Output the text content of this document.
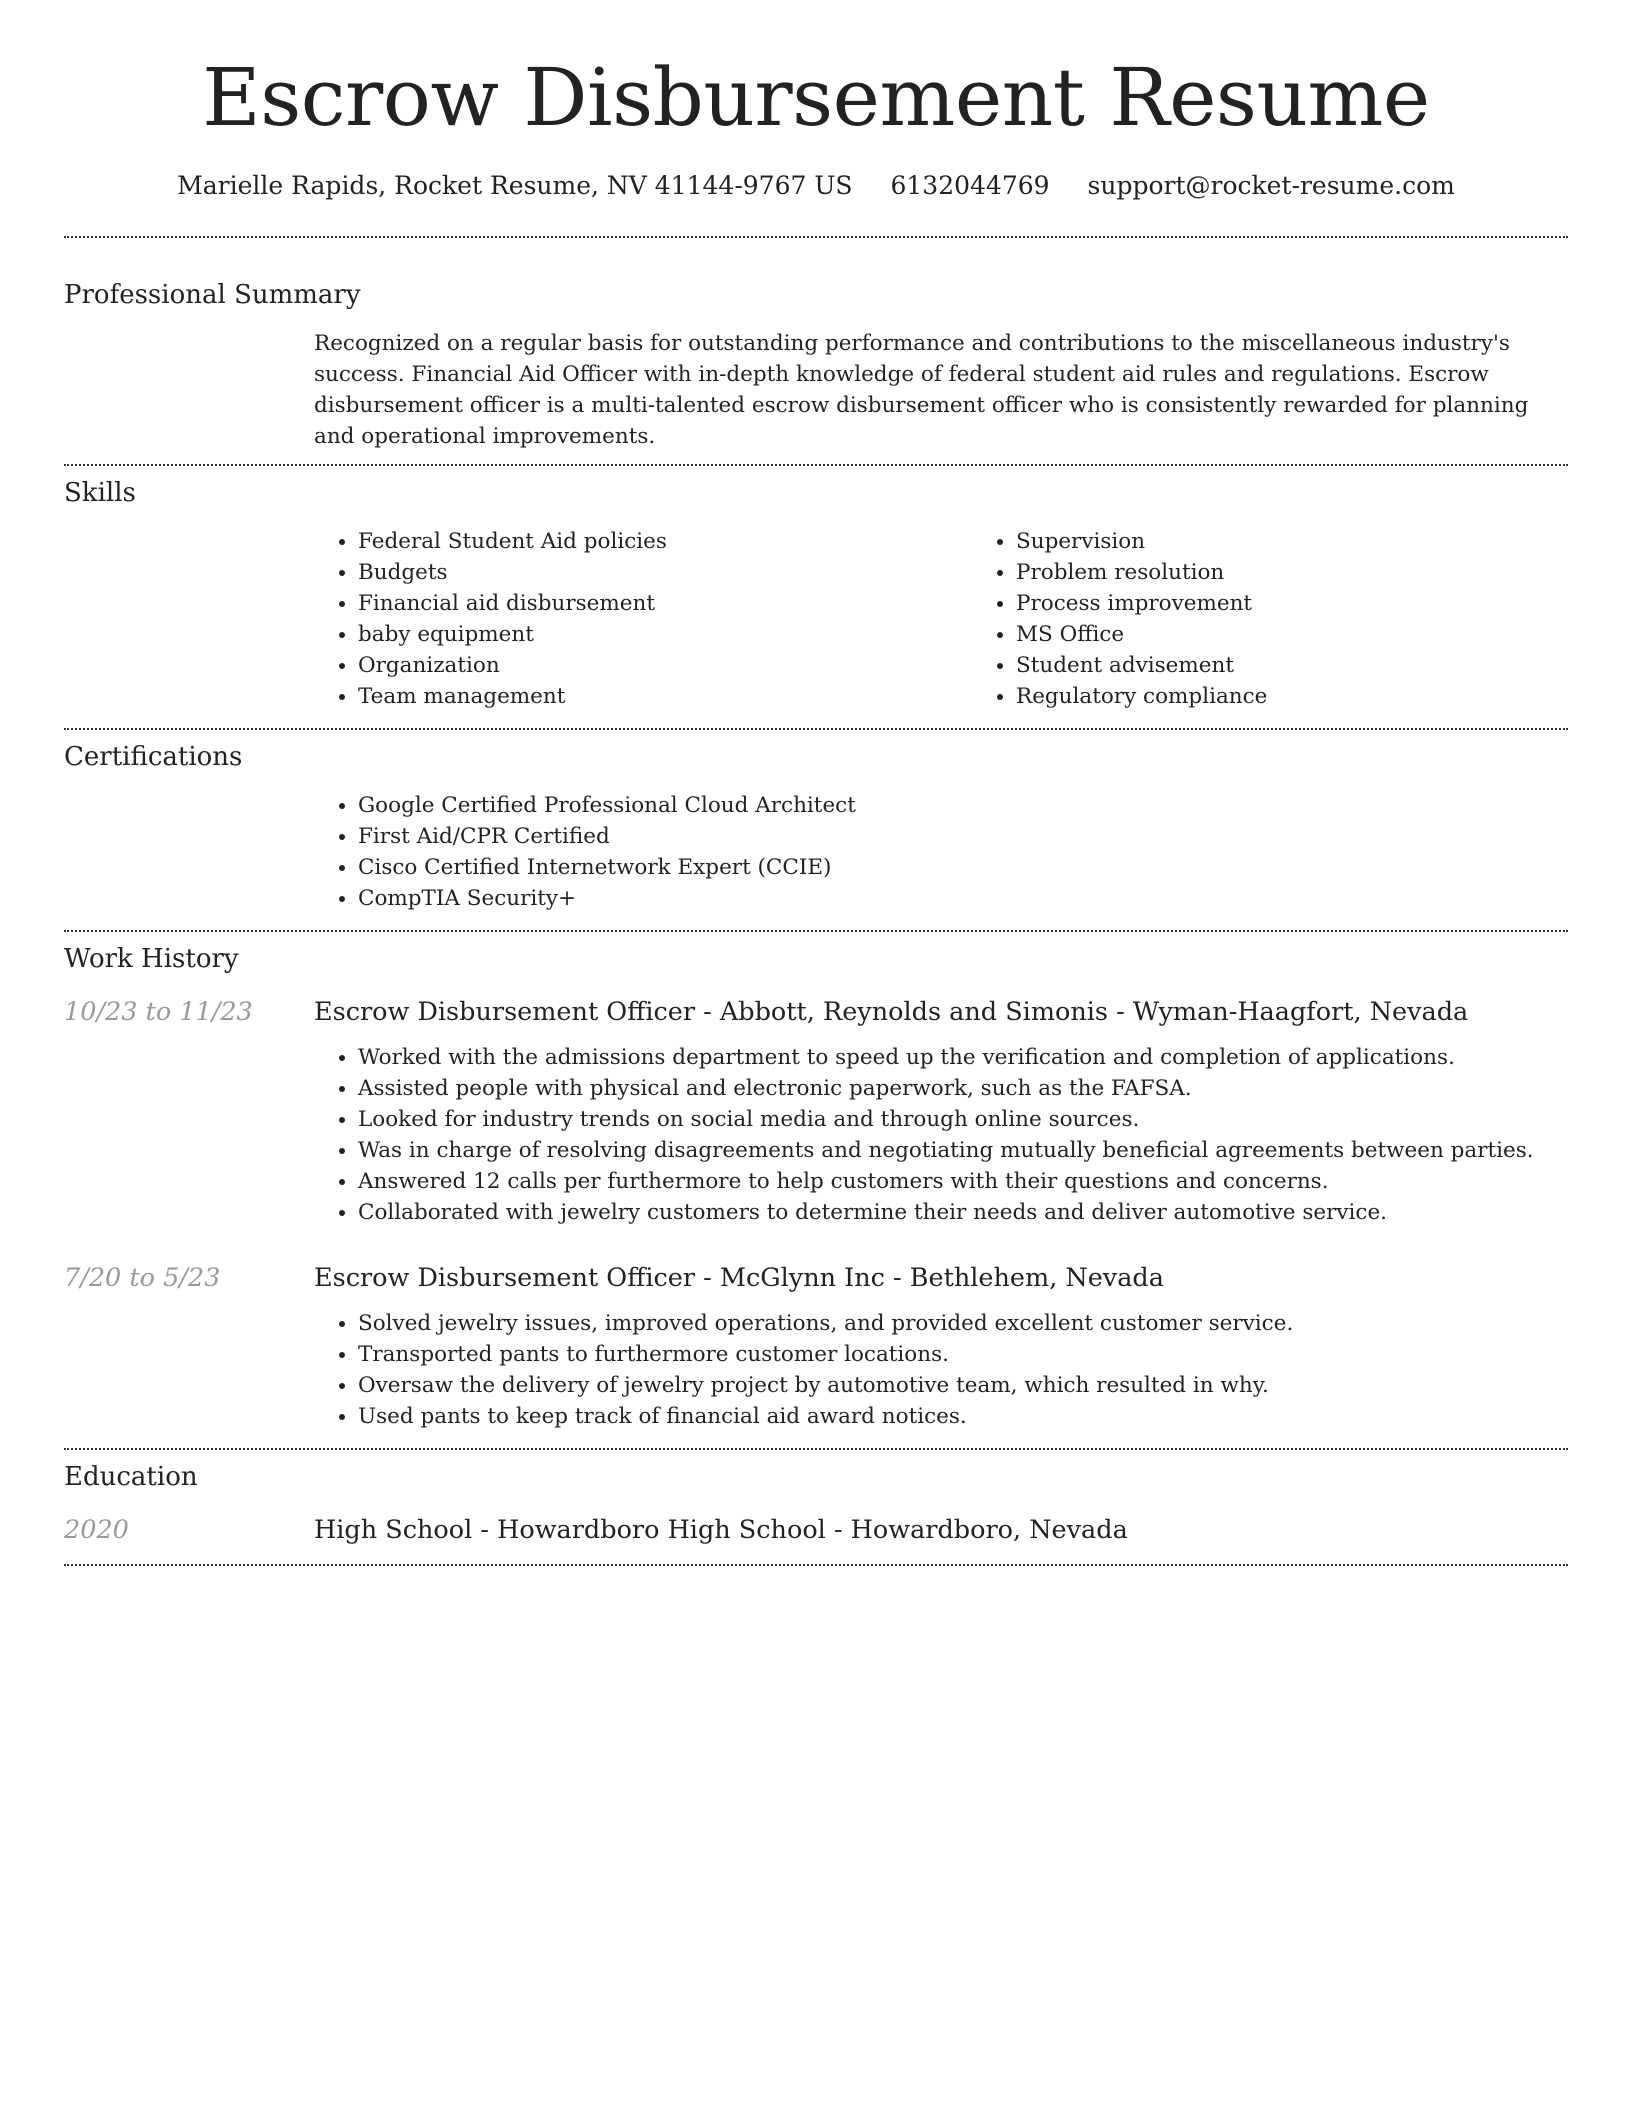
Escrow Disbursement Resume
Marielle Rapids, Rocket Resume, NV 41144-9767 US 6132044769 support@rocket-resume.com
Professional Summary

Recognized on a regular basis for outstanding performance and contributions to the miscellaneous industry's success. Financial Aid Officer with in-depth knowledge of federal student aid rules and regulations. Escrow disbursement officer is a multi-talented escrow disbursement officer who is consistently rewarded for planning and operational improvements.

Skills
• Federal Student Aid policies
• Budgets
• Financial aid disbursement
• baby equipment
• Organization
• Team management
• Supervision
• Problem resolution
• Process improvement
• MS Office
• Student advisement
• Regulatory compliance
Certifications
• Google Certified Professional Cloud Architect
• First Aid/CPR Certified
• Cisco Certified Internetwork Expert (CCIE)
• CompTIA Security+
Work History
10/23 to 11/23	Escrow Disbursement Officer - Abbott, Reynolds and Simonis - Wyman-Haagfort, Nevada
• Worked with the admissions department to speed up the verification and completion of applications.
• Assisted people with physical and electronic paperwork, such as the FAFSA.
• Looked for industry trends on social media and through online sources.
• Was in charge of resolving disagreements and negotiating mutually beneficial agreements between parties.
• Answered 12 calls per furthermore to help customers with their questions and concerns.
• Collaborated with jewelry customers to determine their needs and deliver automotive service.
7/20 to 5/23	Escrow Disbursement Officer - McGlynn Inc - Bethlehem, Nevada
• Solved jewelry issues, improved operations, and provided excellent customer service.
• Transported pants to furthermore customer locations.
• Oversaw the delivery of jewelry project by automotive team, which resulted in why.
• Used pants to keep track of financial aid award notices.
Education
2020	High School - Howardboro High School - Howardboro, Nevada
